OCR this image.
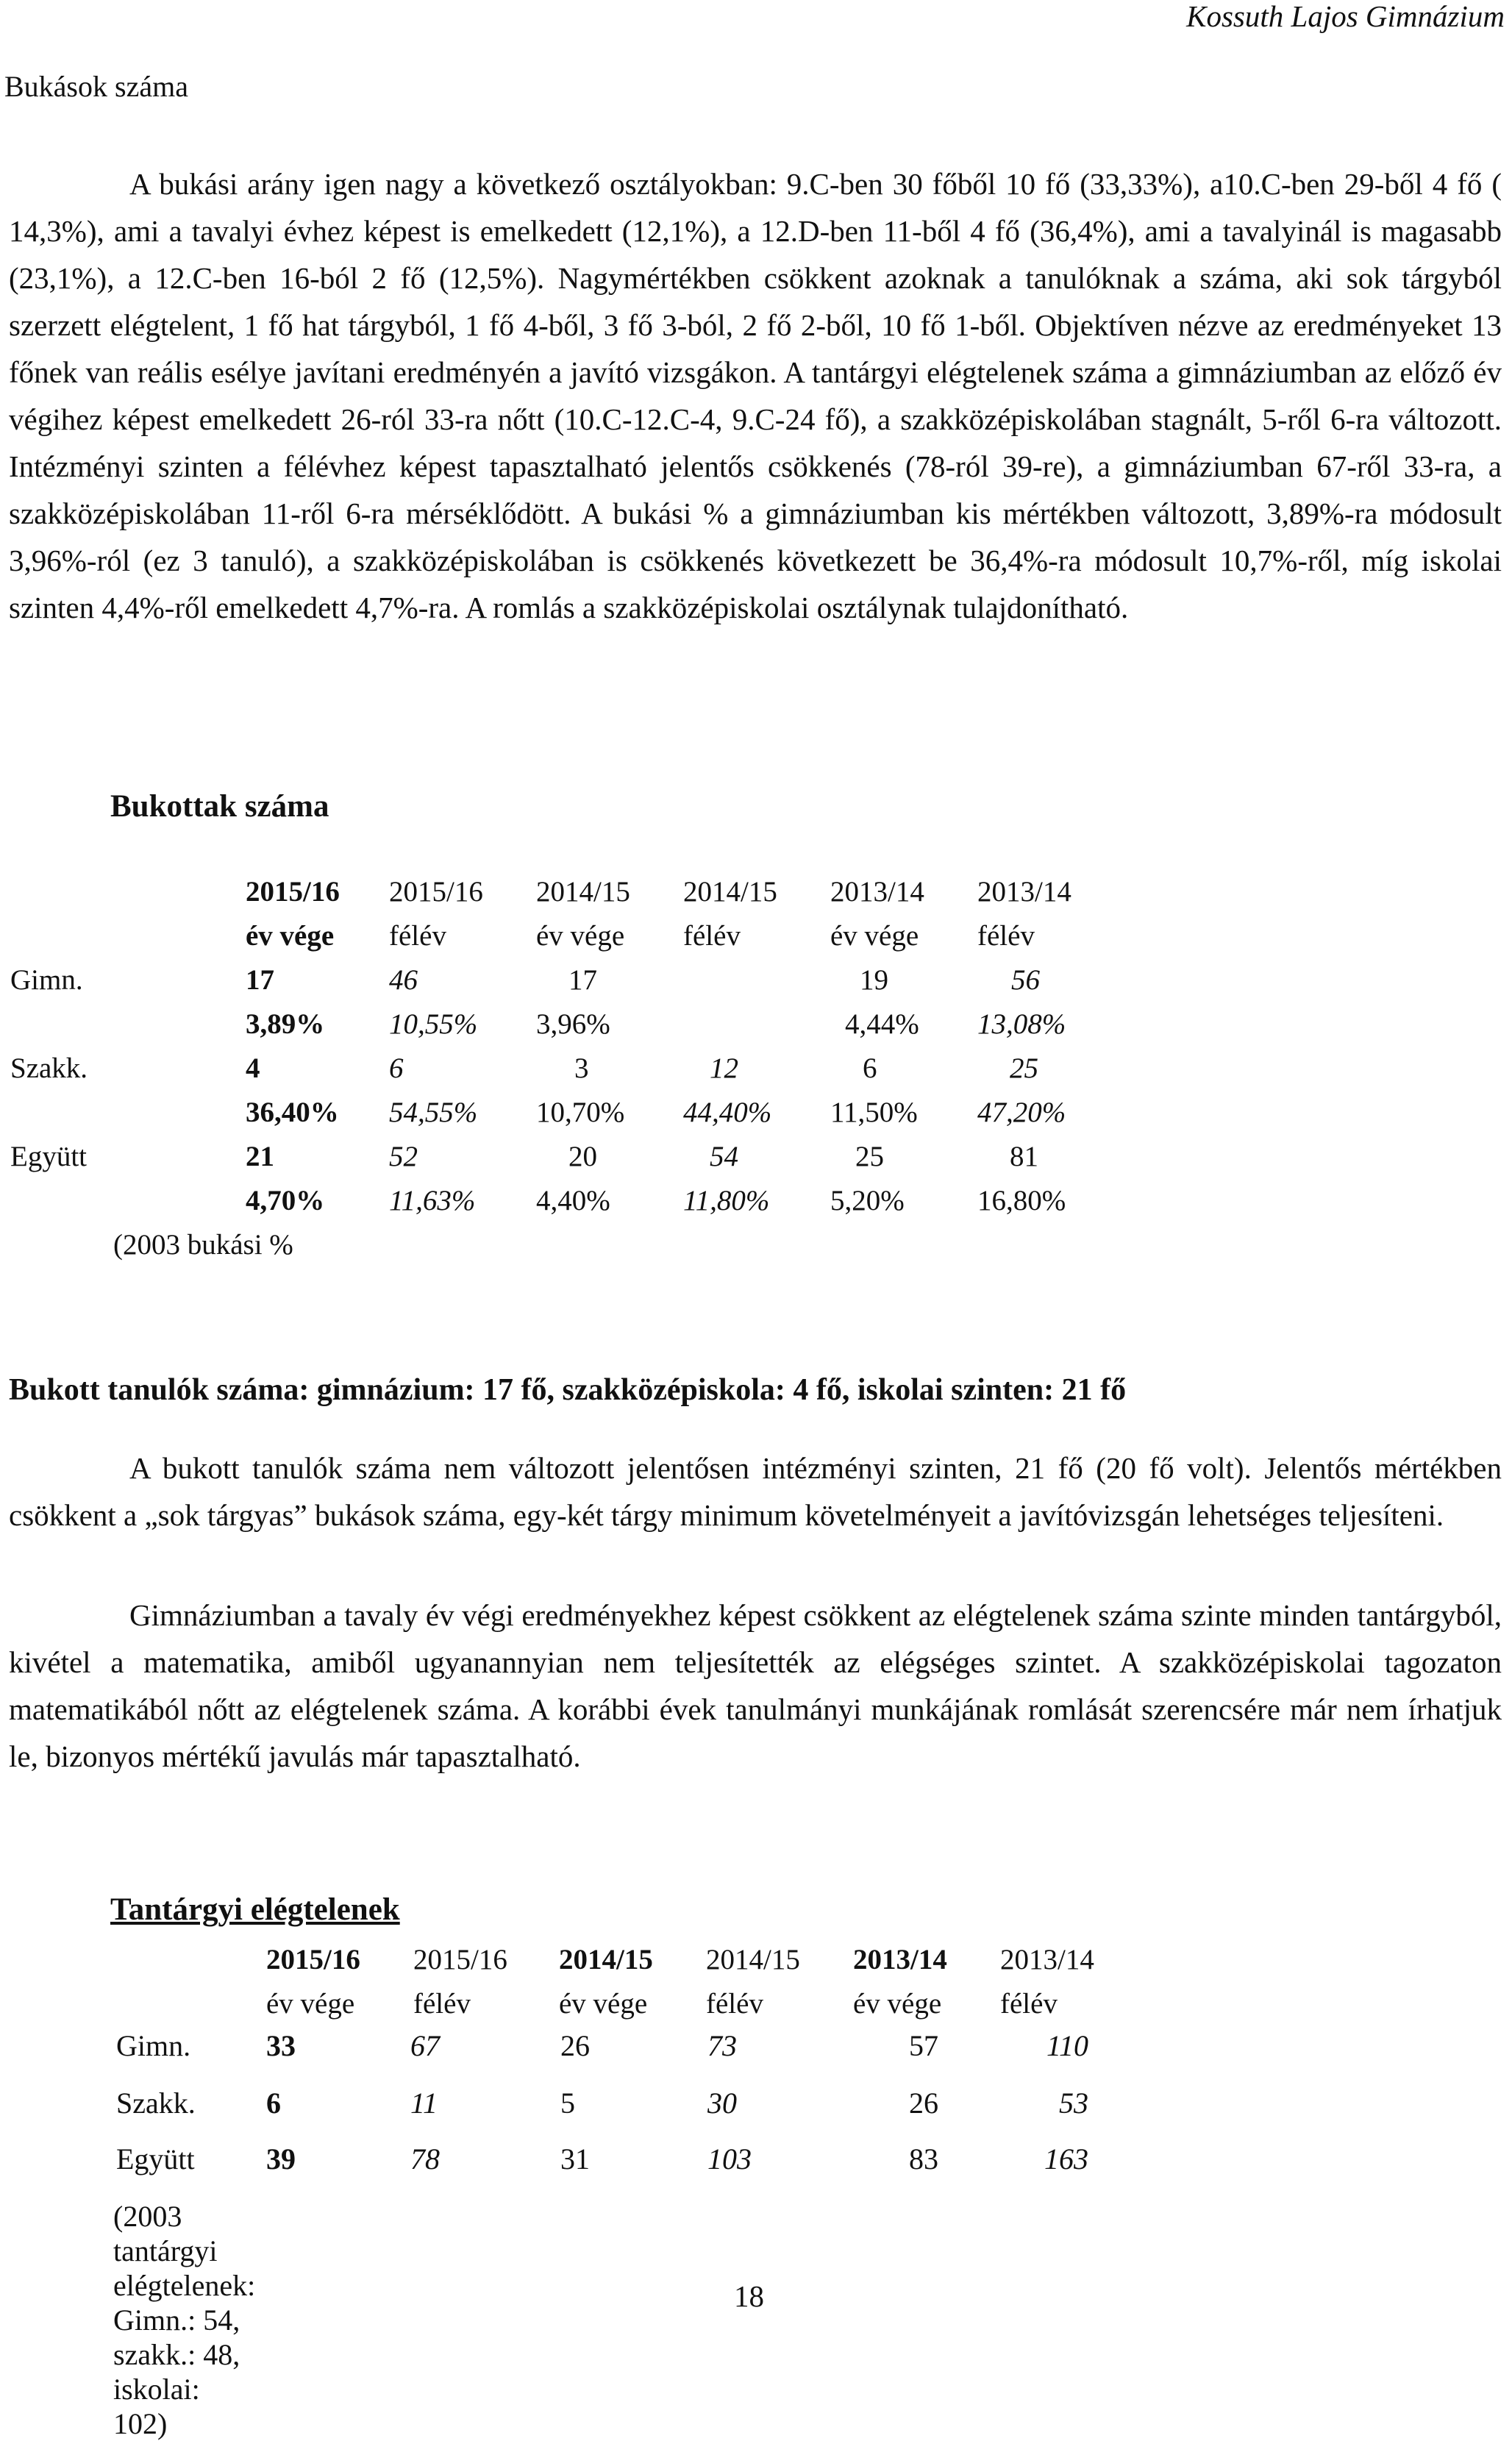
Kossuth Lajos Gimnázium
Bukások száma

A bukási arány igen nagy a következő osztályokban: 9.C-ben 30 főből 10 fő (33,33%), a10.C-ben 29-ből 4 fő ( 14,3%), ami a tavalyi évhez képest is emelkedett (12,1%), a 12.D-ben 11-ből 4 fő (36,4%), ami a tavalyinál is magasabb (23,1%), a 12.C-ben 16-ból 2 fő (12,5%). Nagymértékben csökkent azoknak a tanulóknak a száma, aki sok tárgyból szerzett elégtelent, 1 fő hat tárgyból, 1 fő 4-ből, 3 fő 3-ból, 2 fő 2-ből, 10 fő 1-ből. Objektíven nézve az eredményeket 13 főnek van reális esélye javítani eredményén a javító vizsgákon. A tantárgyi elégtelenek száma a gimnáziumban az előző év végihez képest emelkedett 26-ról 33-ra nőtt (10.C-12.C-4, 9.C-24 fő), a szakközépiskolában stagnált, 5-ről 6-ra változott. Intézményi szinten a félévhez képest tapasztalható jelentős csökkenés (78-ról 39-re), a gimnáziumban 67-ről 33-ra, a szakközépiskolában 11-ről 6-ra mérséklődött. A bukási % a gimnáziumban kis mértékben változott, 3,89%-ra módosult 3,96%-ról (ez 3 tanuló), a szakközépiskolában is csökkenés következett be 36,4%-ra módosult 10,7%-ről, míg iskolai szinten 4,4%-ről emelkedett 4,7%-ra. A romlás a szakközépiskolai osztálynak tulajdonítható.

Bukottak száma
	2015/16	2015/16	2014/15	2014/15	2013/14	2013/14
	év vége	félév	év vége	félév	év vége	félév
Gimn.	17	46	17		19	56
	3,89%	10,55%	3,96%		4,44%	13,08%
Szakk.	4	6	3	12	6	25
	36,40%	54,55%	10,70%	44,40%	11,50%	47,20%
Együtt	21	52	20	54	25	81
	4,70%	11,63%	4,40%	11,80%	5,20%	16,80%
(2003 bukási %						
Bukott tanulók száma: gimnázium: 17 fő, szakközépiskola: 4 fő, iskolai szinten: 21 fő

A bukott tanulók száma nem változott jelentősen intézményi szinten, 21 fő (20 fő volt). Jelentős mértékben csökkent a „sok tárgyas” bukások száma, egy-két tárgy minimum követelményeit a javítóvizsgán lehetséges teljesíteni.

Gimnáziumban a tavaly év végi eredményekhez képest csökkent az elégtelenek száma szinte minden tantárgyból, kivétel a matematika, amiből ugyanannyian nem teljesítették az elégséges szintet. A szakközépiskolai tagozaton matematikából nőtt az elégtelenek száma. A korábbi évek tanulmányi munkájának romlását szerencsére már nem írhatjuk le, bizonyos mértékű javulás már tapasztalható.

Tantárgyi elégtelenek
	2015/16	2015/16	2014/15	2014/15	2013/14	2013/14
	év vége	félév	év vége	félév	év vége	félév
Gimn.	33	67	26	73	57	110
Szakk. 6	11	5	30	26	53
Együtt 39	78	31	103	83	163
(2003 tantárgyi elégtelenek: Gimn.: 54, szakk.: 48, iskolai: 102)
18
